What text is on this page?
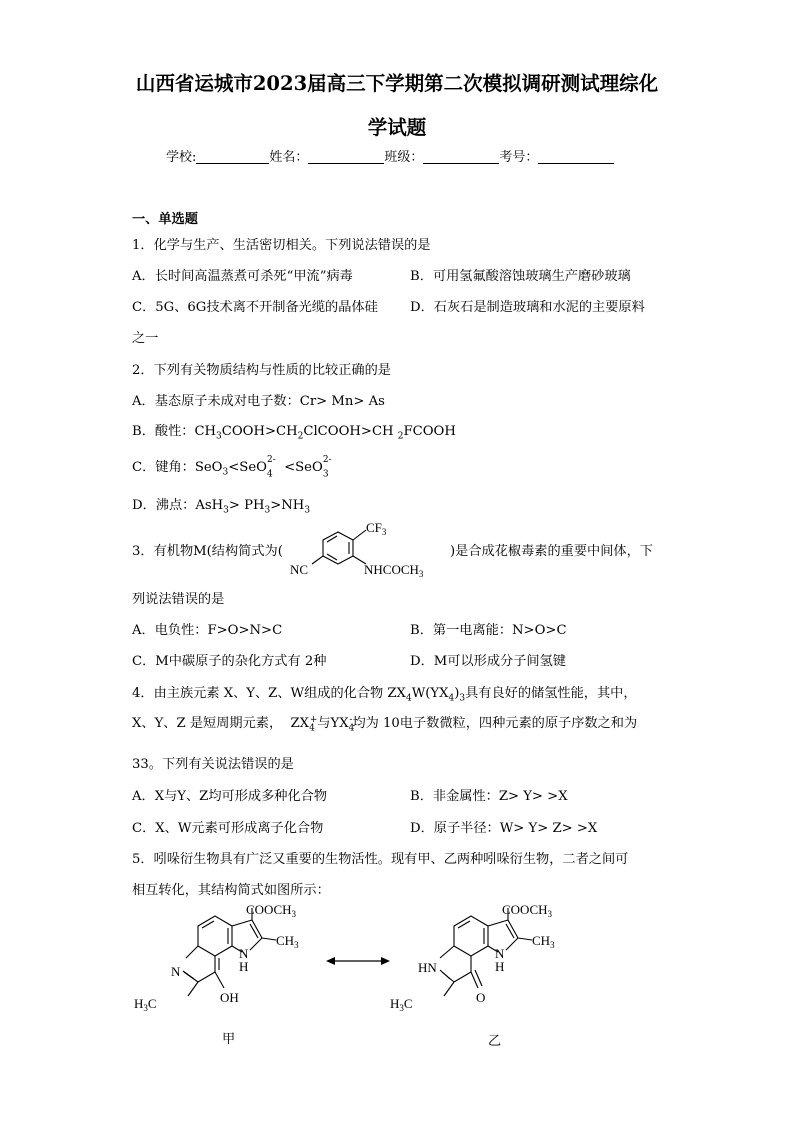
山西省运城市2023届高三下学期第二次模拟调研测试理综化
学试题
学校:	姓名：	班级：	考号：
一、单选题
1．化学与生产、生活密切相关。下列说法错误的是
A．长时间高温蒸煮可杀死“甲流”病毒	B．可用氢氟酸溶蚀玻璃生产磨砂玻璃
C．5G、6G技术离不开制备光缆的晶体硅 D．石灰石是制造玻璃和水泥的主要原料
之一
2．下列有关物质结构与性质的比较正确的是
A．基态原子未成对电子数：Cr> Mn> As
B．酸性：$CH_3COOH>CH_2ClCOOH>CH$ $_2$FCOOH
C．键角：SeO$_3$<SeO$^{2-}$
$_4$  <SeO$^{2-}$
$_3$
D．沸点：$AsH_3> PH_3>NH_3$
3．有机物M(结构简式为(
$CF_3$
NC	$NHCOCH_3$
)是合成花椒毒素的重要中间体，下
列说法错误的是
A．电负性：F>O>N>C	B．第一电离能：N>O>C
C．M中碳原子的杂化方式有 2种	D．M可以形成分子间氢键
4．由主族元素 X、Y、Z、W组成的化合物 $ZX_4W(YX_4)_3$具有良好的储氢性能，其中，
X、Y、Z 是短周期元素，  $ZX_4^+$与$YX_4^-$均为 10电子数微粒，四种元素的原子序数之和为
33。下列有关说法错误的是
A．X与Y、Z均可形成多种化合物	B．非金属性：Z> Y> >X
C．X、W元素可形成离子化合物	D．原子半径：W> Y> Z> >X
5．吲哚衍生物具有广泛又重要的生物活性。现有甲、乙两种吲哚衍生物，二者之间可
相互转化，其结构简式如图所示：
$COOCH_3$
$CH_3$
N
H
N
$H_3C$	OH
甲
$COOCH_3$
$CH_3$
N
H
HN
$H_3C$	O
乙
